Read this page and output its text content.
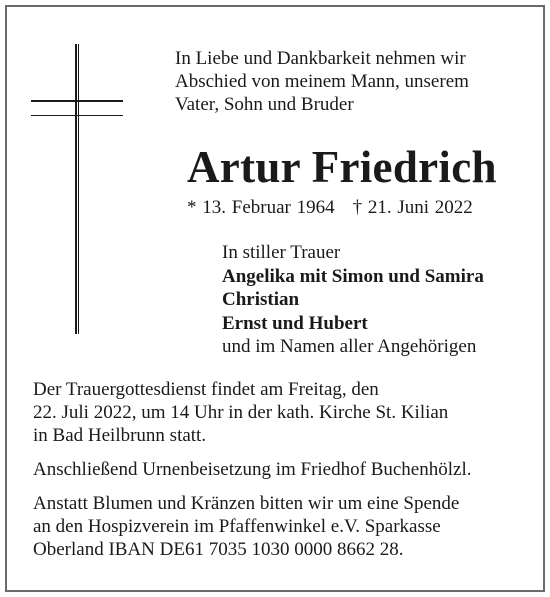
In Liebe und Dankbarkeit nehmen wir
Abschied von meinem Mann, unserem
Vater, Sohn und Bruder
Artur Friedrich
* 13. Februar 1964 † 21. Juni 2022
In stiller Trauer
Angelika mit Simon und Samira
Christian
Ernst und Hubert
und im Namen aller Angehörigen
Der Trauergottesdienst findet am Freitag, den
22. Juli 2022, um 14 Uhr in der kath. Kirche St. Kilian
in Bad Heilbrunn statt.
Anschließend Urnenbeisetzung im Friedhof Buchenhölzl.
Anstatt Blumen und Kränzen bitten wir um eine Spende
an den Hospizverein im Pfaffenwinkel e.V. Sparkasse
Oberland IBAN DE61 7035 1030 0000 8662 28.
